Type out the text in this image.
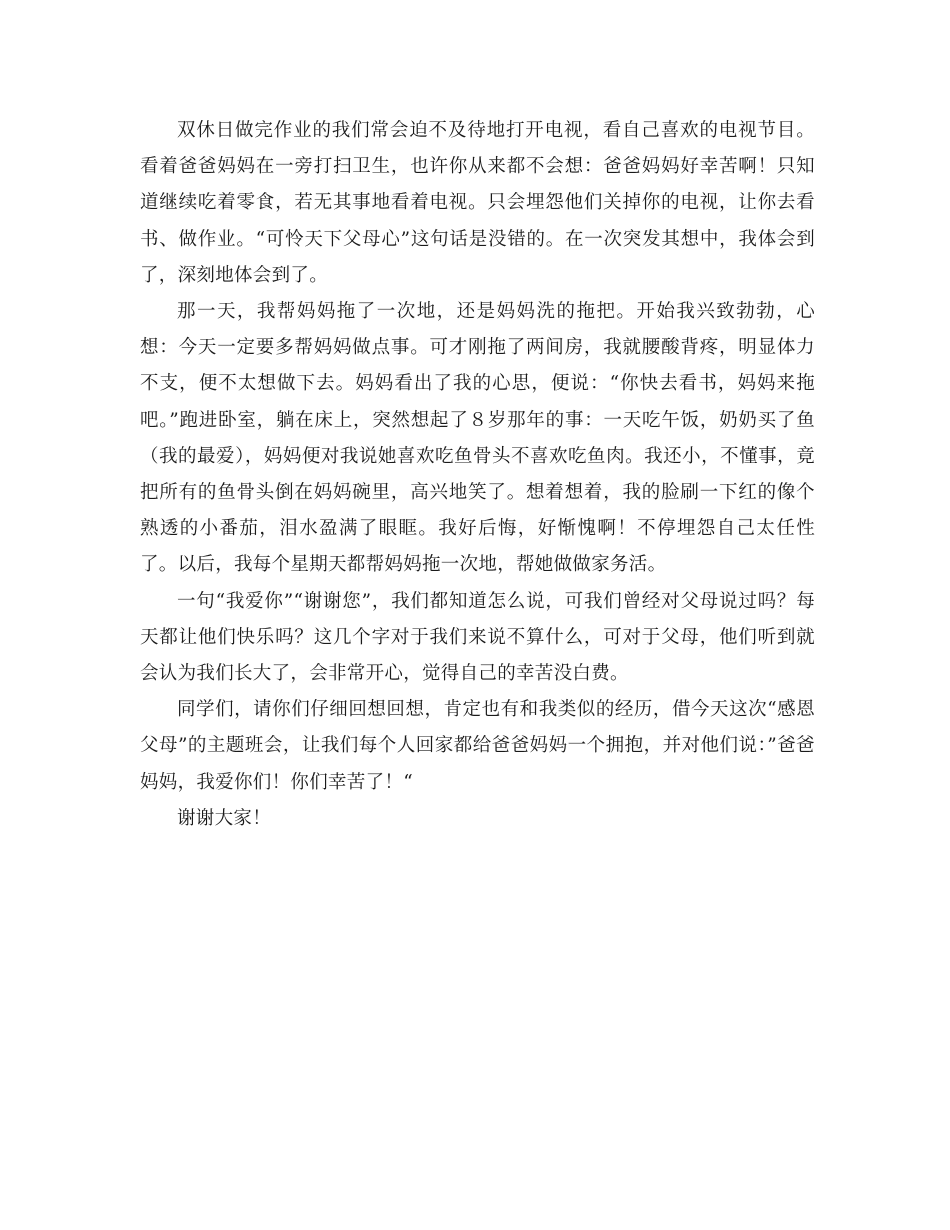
双休日做完作业的我们常会迫不及待地打开电视，看自己喜欢的电视节目。看着爸爸妈妈在一旁打扫卫生，也许你从来都不会想：爸爸妈妈好幸苦啊！只知道继续吃着零食，若无其事地看着电视。只会埋怨他们关掉你的电视，让你去看书、做作业。“可怜天下父母心”这句话是没错的。在一次突发其想中，我体会到了，深刻地体会到了。

那一天，我帮妈妈拖了一次地，还是妈妈洗的拖把。开始我兴致勃勃，心想：今天一定要多帮妈妈做点事。可才刚拖了两间房，我就腰酸背疼，明显体力不支，便不太想做下去。妈妈看出了我的心思，便说：“你快去看书，妈妈来拖吧。”跑进卧室，躺在床上，突然想起了８岁那年的事：一天吃午饭，奶奶买了鱼（我的最爱），妈妈便对我说她喜欢吃鱼骨头不喜欢吃鱼肉。我还小，不懂事，竟把所有的鱼骨头倒在妈妈碗里，高兴地笑了。想着想着，我的脸刷一下红的像个熟透的小番茄，泪水盈满了眼眶。我好后悔，好惭愧啊！不停埋怨自己太任性了。以后，我每个星期天都帮妈妈拖一次地，帮她做做家务活。

一句“我爱你”“谢谢您”，我们都知道怎么说，可我们曾经对父母说过吗？每天都让他们快乐吗？这几个字对于我们来说不算什么，可对于父母，他们听到就会认为我们长大了，会非常开心，觉得自己的幸苦没白费。

同学们，请你们仔细回想回想，肯定也有和我类似的经历，借今天这次“感恩父母”的主题班会，让我们每个人回家都给爸爸妈妈一个拥抱，并对他们说：”爸爸妈妈，我爱你们！你们幸苦了！“

谢谢大家！
